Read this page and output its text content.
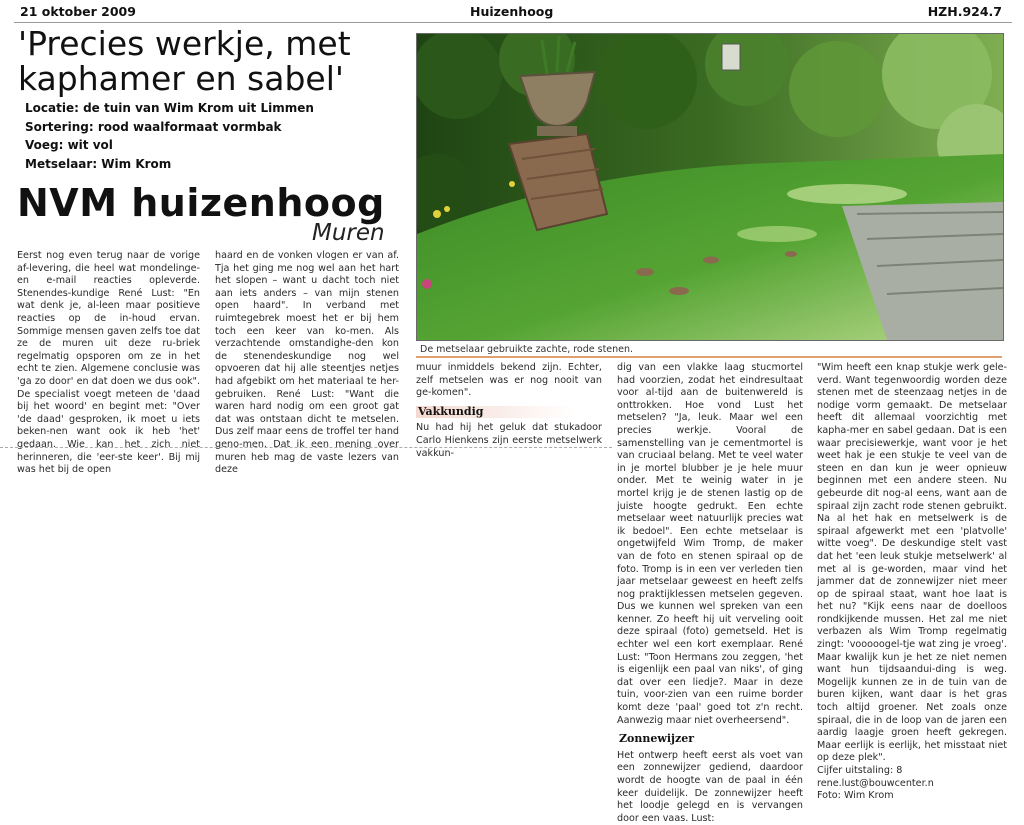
21 oktober 2009	Huizenhoog	HZH.924.7
'Precies werkje, met kaphamer en sabel'
Locatie: de tuin van Wim Krom uit Limmen
Sortering: rood waalformaat vormbak
Voeg: wit vol
Metselaar: Wim Krom
NVM huizenhoog
Muren
De metselaar gebruikte zachte, rode stenen.

Eerst nog even terug naar de vorige af-levering, die heel wat mondelinge- en e-mail reacties opleverde. Stenendes-kundige René Lust: "En wat denk je, al-leen maar positieve reacties op de in-houd ervan. Sommige mensen gaven zelfs toe dat ze de muren uit deze ru-briek regelmatig opsporen om ze in het echt te zien. Algemene conclusie was 'ga zo door' en dat doen we dus ook". De specialist voegt meteen de 'daad bij het woord' en begint met: "Over 'de daad' gesproken, ik moet u iets beken-nen want ook ik heb 'het' gedaan. Wie kan het zich niet herinneren, die 'eer-ste keer'. Bij mij was het bij de open

haard en de vonken vlogen er van af. Tja het ging me nog wel aan het hart het slopen – want u dacht toch niet aan iets anders – van mijn stenen open haard". In verband met ruimtegebrek moest het er bij hem toch een keer van ko-men. Als verzachtende omstandighe-den kon de stenendeskundige nog wel opvoeren dat hij alle steentjes netjes had afgebikt om het materiaal te her-gebruiken. René Lust: "Want die waren hard nodig om een groot gat dat was ontstaan dicht te metselen. Dus zelf maar eens de troffel ter hand geno-men. Dat ik een mening over muren heb mag de vaste lezers van deze

muur inmiddels bekend zijn. Echter, zelf metselen was er nog nooit van ge-komen".

Vakkundig

Nu had hij het geluk dat stukadoor Carlo Hienkens zijn eerste metselwerk vakkun-

dig van een vlakke laag stucmortel had voorzien, zodat het eindresultaat voor al-tijd aan de buitenwereld is onttrokken. Hoe vond Lust het metselen? "Ja, leuk. Maar wel een precies werkje. Vooral de samenstelling van je cementmortel is van cruciaal belang. Met te veel water in je mortel blubber je je hele muur onder. Met te weinig water in je mortel krijg je de stenen lastig op de juiste hoogte gedrukt. Een echte metselaar weet natuurlijk precies wat ik bedoel". Een echte metselaar is ongetwijfeld Wim Tromp, de maker van de foto en stenen spiraal op de foto. Tromp is in een ver verleden tien jaar metselaar geweest en heeft zelfs nog praktijklessen metselen gegeven. Dus we kunnen wel spreken van een kenner. Zo heeft hij uit verveling ooit deze spiraal (foto) gemetseld. Het is echter wel een kort exemplaar. René Lust: "Toon Hermans zou zeggen, 'het is eigenlijk een paal van niks', of ging dat over een liedje?. Maar in deze tuin, voor-zien van een ruime border komt deze 'paal' goed tot z'n recht. Aanwezig maar niet overheersend".

Zonnewijzer

Het ontwerp heeft eerst als voet van een zonnewijzer gediend, daardoor wordt de hoogte van de paal in één keer duidelijk. De zonnewijzer heeft het loodje gelegd en is vervangen door een vaas. Lust:

"Wim heeft een knap stukje werk gele-verd. Want tegenwoordig worden deze stenen met de steenzaag netjes in de nodige vorm gemaakt. De metselaar heeft dit allemaal voorzichtig met kapha-mer en sabel gedaan. Dat is een waar precisiewerkje, want voor je het weet hak je een stukje te veel van de steen en dan kun je weer opnieuw beginnen met een andere steen. Nu gebeurde dit nog-al eens, want aan de spiraal zijn zacht rode stenen gebruikt. Na al het hak en metselwerk is de spiraal afgewerkt met een 'platvolle' witte voeg". De deskundige stelt vast dat het 'een leuk stukje metselwerk' al met al is ge-worden, maar vind het jammer dat de zonnewijzer niet meer op de spiraal staat, want hoe laat is het nu? "Kijk eens naar de doelloos rondkijkende mussen. Het zal me niet verbazen als Wim Tromp regelmatig zingt: 'vooooogel-tje wat zing je vroeg'. Maar kwalijk kun je het ze niet nemen want hun tijdsaandui-ding is weg. Mogelijk kunnen ze in de tuin van de buren kijken, want daar is het gras toch altijd groener. Net zoals onze spiraal, die in de loop van de jaren een aardig laagje groen heeft gekregen. Maar eerlijk is eerlijk, het misstaat niet op deze plek".

Cijfer uitstaling: 8

rene.lust@bouwcenter.n

Foto: Wim Krom
